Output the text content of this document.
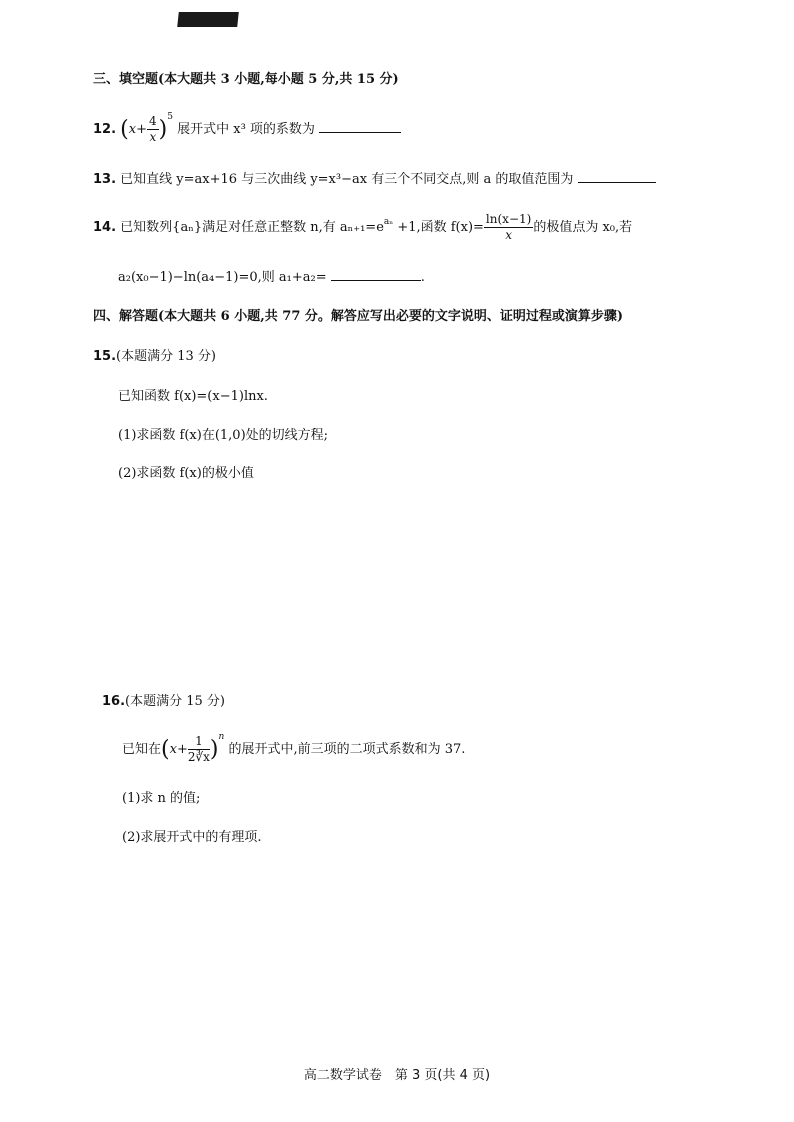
三、填空题(本大题共 3 小题,每小题 5 分,共 15 分)
12. $(x+ \frac{4}{x} )^5$ 展开式中 x³ 项的系数为
13. 已知直线 y=ax+16 与三次曲线 y=x³−ax 有三个不同交点,则 a 的取值范围为
14. 已知数列{aₙ}满足对任意正整数 n,有 $a_{n+1}=e^{a_n} +1$,函数 $f(x)= \frac{\ln(x-1)}{x}$ 的极值点为 x₀,若
a₂(x₀−1)−ln(a₄−1)=0,则 a₁+a₂=	.
四、解答题(本大题共 6 小题,共 77 分。解答应写出必要的文字说明、证明过程或演算步骤)
15.(本题满分 13 分)
已知函数 f(x)=(x−1)lnx.
(1)求函数 f(x)在(1,0)处的切线方程;
(2)求函数 f(x)的极小值
16.(本题满分 15 分)
已知在$(x+ \frac{1}{2∛x} )^n$ 的展开式中,前三项的二项式系数和为 37.
(1)求 n 的值;
(2)求展开式中的有理项.
高二数学试卷　第 3 页(共 4 页)
